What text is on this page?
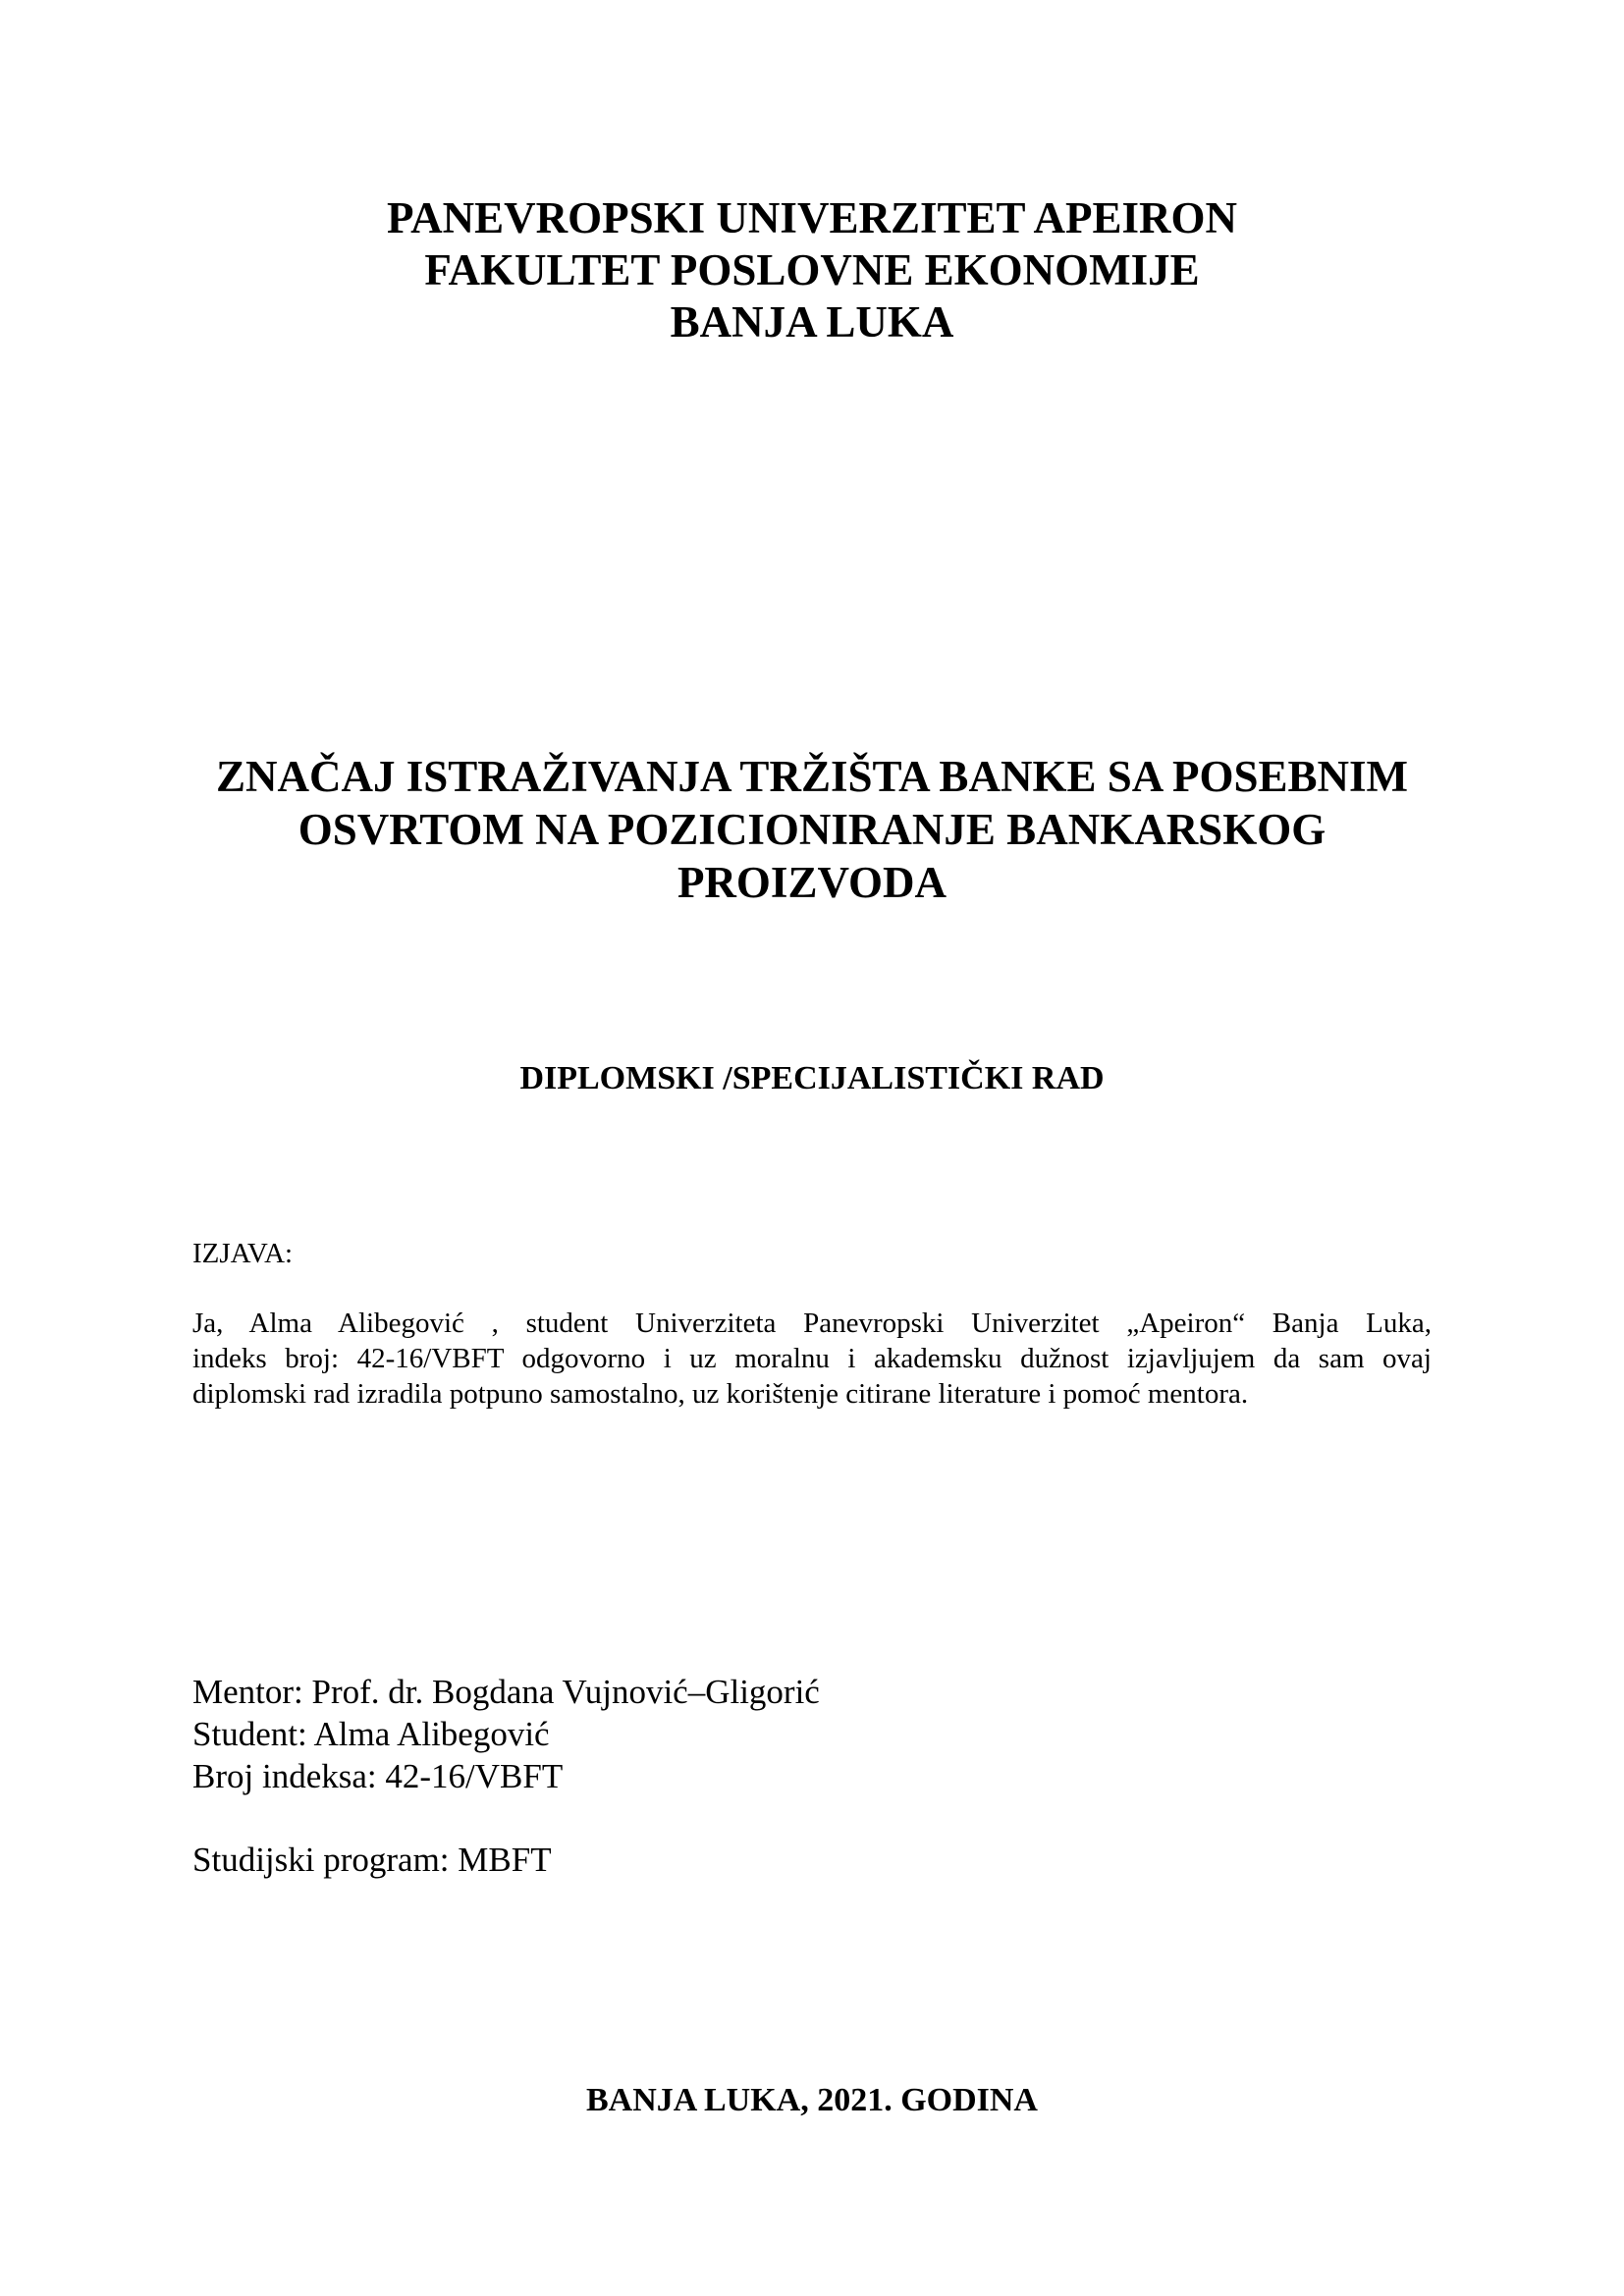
PANEVROPSKI UNIVERZITET APEIRON
FAKULTET POSLOVNE EKONOMIJE
BANJA LUKA
ZNAČAJ ISTRAŽIVANJA TRŽIŠTA BANKE SA POSEBNIM
OSVRTOM NA POZICIONIRANJE BANKARSKOG
PROIZVODA
DIPLOMSKI /SPECIJALISTIČKI RAD
IZJAVA:
Ja, Alma Alibegović , student Univerziteta Panevropski Univerzitet „Apeiron“ Banja Luka,
indeks broj: 42-16/VBFT odgovorno i uz moralnu i akademsku dužnost izjavljujem da sam ovaj
diplomski rad izradila potpuno samostalno, uz korištenje citirane literature i pomoć mentora.
Mentor: Prof. dr. Bogdana Vujnović–Gligorić
Student: Alma Alibegović
Broj indeksa: 42-16/VBFT
Studijski program: MBFT
BANJA LUKA, 2021. GODINA
